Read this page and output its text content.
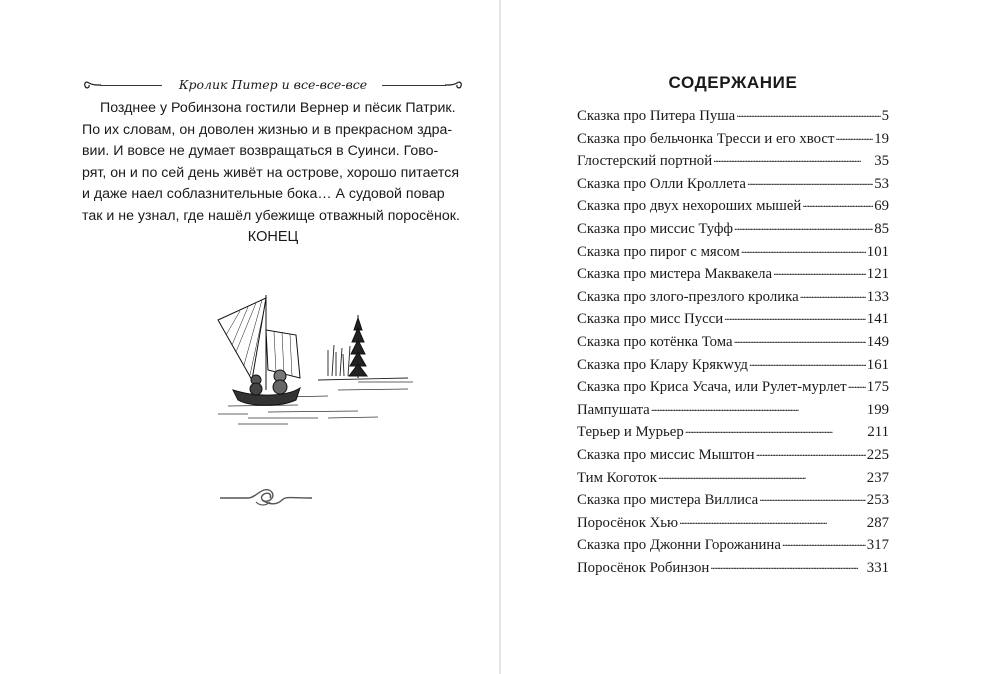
Кролик Питер и все-все-все
Позднее у Робинзона гостили Вернер и пёсик Патрик.
По их словам, он доволен жизнью и в прекрасном здра-
вии. И вовсе не думает возвращаться в Суинси. Гово-
рят, он и по сей день живёт на острове, хорошо питается
и даже наел соблазнительные бока… А судовой повар
так и не узнал, где нашёл убежище отважный поросёнок.
КОНЕЦ
СОДЕРЖАНИЕ
Сказка про Питера Пуша . . .	5
Сказка про бельчонка Тресси и его хвост . . .	19
Глостерский портной . . .	35
Сказка про Олли Кроллета . . .	53
Сказка про двух нехороших мышей . . .	69
Сказка про миссис Туфф . . .	85
Сказка про пирог с мясом . . .	101
Сказка про мистера Маквакела . . .	121
Сказка про злого-презлого кролика . . .	133
Сказка про мисс Пусси . . .	141
Сказка про котёнка Тома . . .	149
Сказка про Клару Крякwуд . . .	161
Сказка про Криса Усача, или Рулет-мурлет . . . 175
Пампушата . . .	199
Терьер и Мурьер . . .	211
Сказка про миссис Мыштон . . .	225
Тим Коготок . . .	237
Сказка про мистера Виллиса . . .	253
Поросёнок Хью . . .	287
Сказка про Джонни Горожанина . . .	317
Поросёнок Робинзон . . .	331
